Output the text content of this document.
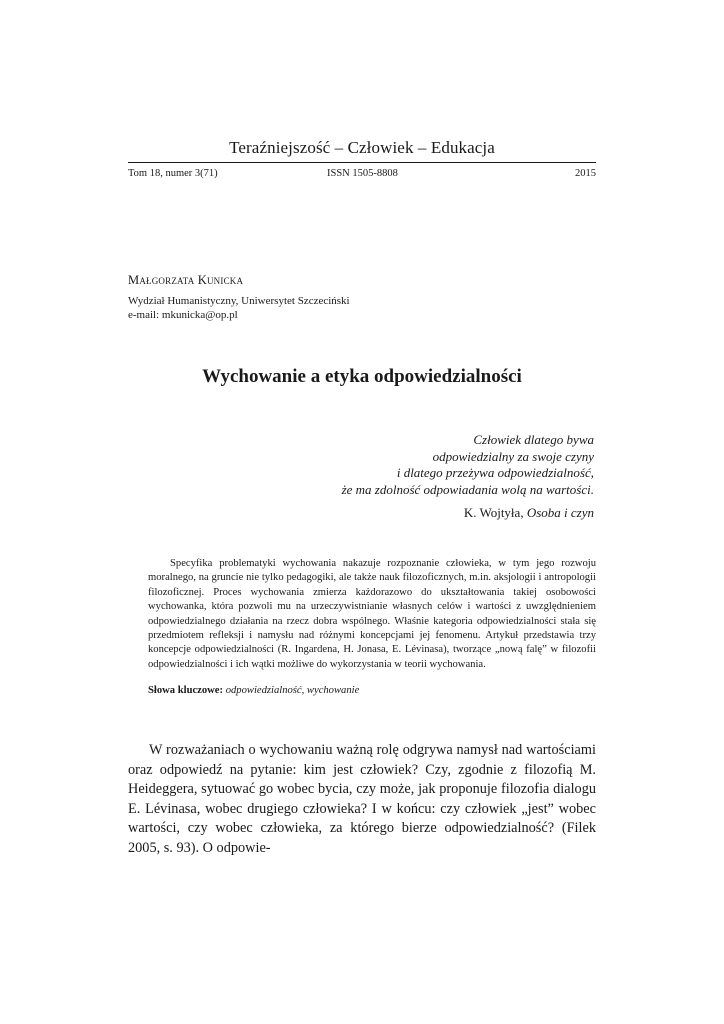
Teraźniejszość – Człowiek – Edukacja
Tom 18, numer 3(71)	ISSN 1505-8808	2015
Małgorzata Kunicka
Wydział Humanistyczny, Uniwersytet Szczeciński
e-mail: mkunicka@op.pl
Wychowanie a etyka odpowiedzialności
Człowiek dlatego bywa
odpowiedzialny za swoje czyny
i dlatego przeżywa odpowiedzialność,
że ma zdolność odpowiadania wolą na wartości.
K. Wojtyła, Osoba i czyn

Specyfika problematyki wychowania nakazuje rozpoznanie człowieka, w tym jego rozwoju moralnego, na gruncie nie tylko pedagogiki, ale także nauk filozoficznych, m.in. aksjologii i antropologii filozoficznej. Proces wychowania zmierza każdorazowo do ukształtowania takiej osobowości wychowanka, która pozwoli mu na urzeczywistnianie własnych celów i wartości z uwzględnieniem odpowiedzialnego działania na rzecz dobra wspólnego. Właśnie kategoria odpowiedzialności stała się przedmiotem refleksji i namysłu nad różnymi koncepcjami jej fenomenu. Artykuł przedstawia trzy koncepcje odpowiedzialności (R. Ingardena, H. Jonasa, E. Lévinasa), tworzące „nową falę” w filozofii odpowiedzialności i ich wątki możliwe do wykorzystania w teorii wychowania.

Słowa kluczowe: odpowiedzialność, wychowanie

W rozważaniach o wychowaniu ważną rolę odgrywa namysł nad wartościami oraz odpowiedź na pytanie: kim jest człowiek? Czy, zgodnie z filozofią M. Heideggera, sytuować go wobec bycia, czy może, jak proponuje filozofia dialogu E. Lévinasa, wobec drugiego człowieka? I w końcu: czy człowiek „jest” wobec wartości, czy wobec człowieka, za którego bierze odpowiedzialność? (Filek 2005, s. 93). O odpowie-
